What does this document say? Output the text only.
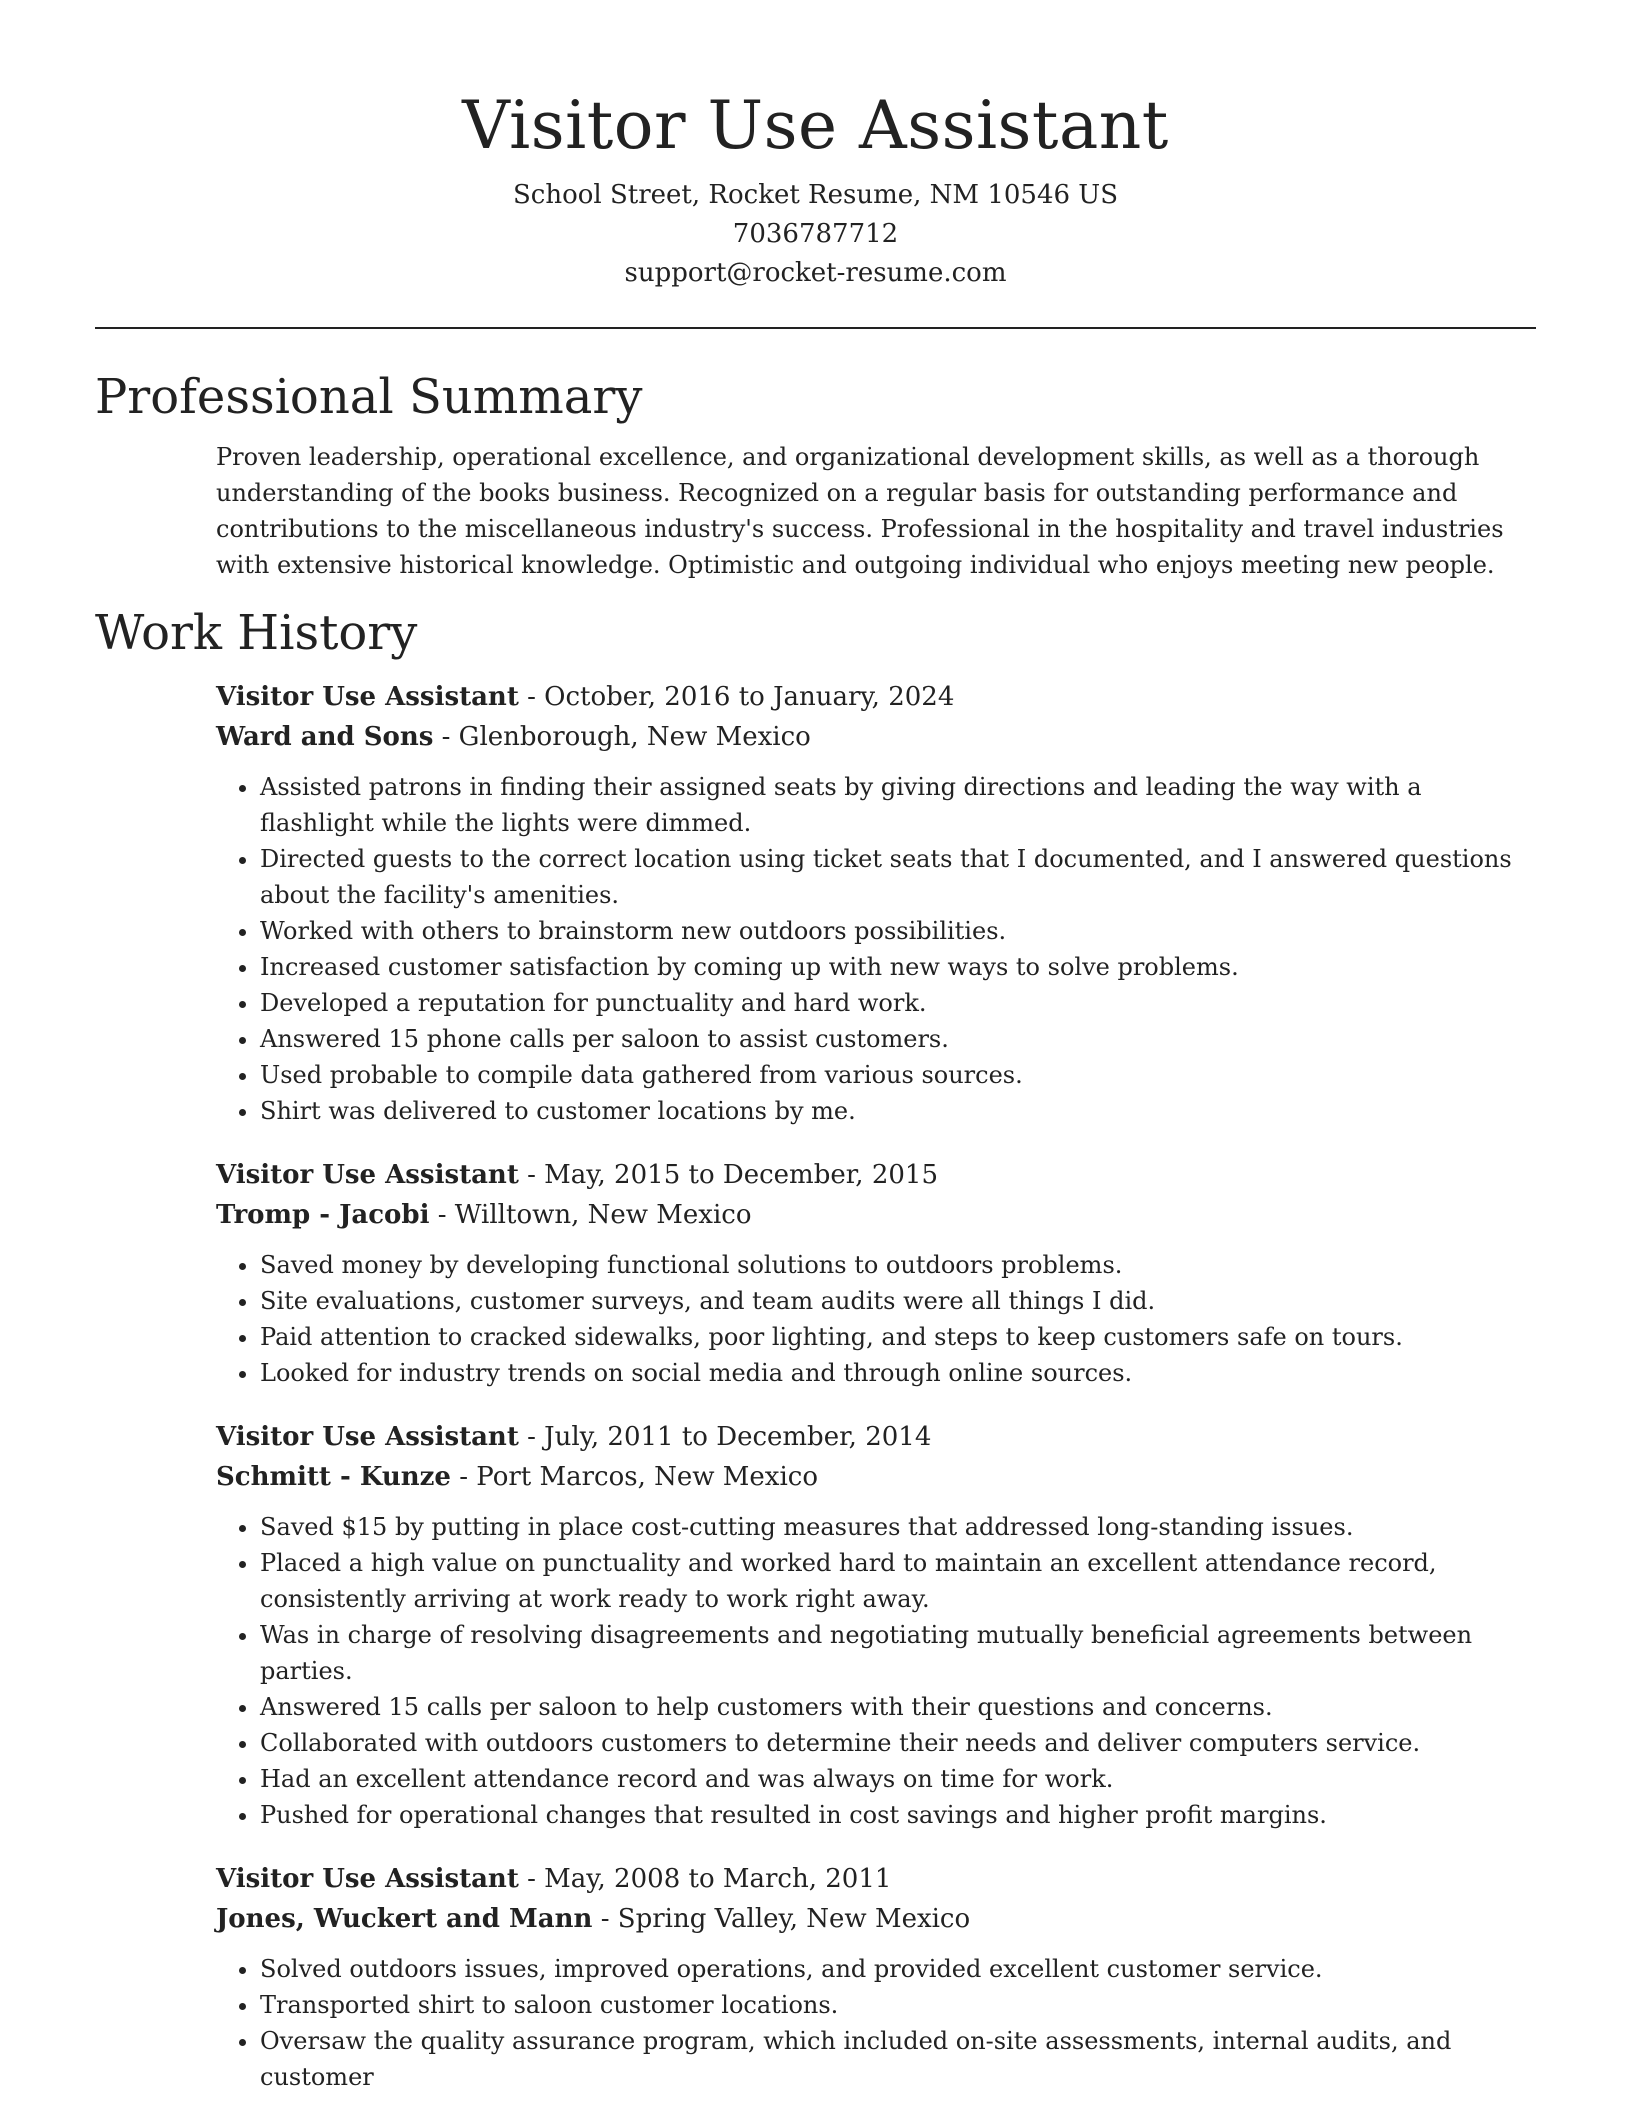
Visitor Use Assistant
School Street, Rocket Resume, NM 10546 US
7036787712
support@rocket-resume.com
Professional Summary

Proven leadership, operational excellence, and organizational development skills, as well as a thorough understanding of the books business. Recognized on a regular basis for outstanding performance and contributions to the miscellaneous industry's success. Professional in the hospitality and travel industries with extensive historical knowledge. Optimistic and outgoing individual who enjoys meeting new people.

Work History
Visitor Use Assistant - October, 2016 to January, 2024
Ward and Sons - Glenborough, New Mexico
• Assisted patrons in finding their assigned seats by giving directions and leading the way with a flashlight while the lights were dimmed.
• Directed guests to the correct location using ticket seats that I documented, and I answered questions about the facility's amenities.
• Worked with others to brainstorm new outdoors possibilities.
• Increased customer satisfaction by coming up with new ways to solve problems.
• Developed a reputation for punctuality and hard work.
• Answered 15 phone calls per saloon to assist customers.
• Used probable to compile data gathered from various sources.
• Shirt was delivered to customer locations by me.
Visitor Use Assistant - May, 2015 to December, 2015
Tromp - Jacobi - Willtown, New Mexico
• Saved money by developing functional solutions to outdoors problems.
• Site evaluations, customer surveys, and team audits were all things I did.
• Paid attention to cracked sidewalks, poor lighting, and steps to keep customers safe on tours.
• Looked for industry trends on social media and through online sources.
Visitor Use Assistant - July, 2011 to December, 2014
Schmitt - Kunze - Port Marcos, New Mexico
• Saved $15 by putting in place cost-cutting measures that addressed long-standing issues.
• Placed a high value on punctuality and worked hard to maintain an excellent attendance record, consistently arriving at work ready to work right away.
• Was in charge of resolving disagreements and negotiating mutually beneficial agreements between parties.
• Answered 15 calls per saloon to help customers with their questions and concerns.
• Collaborated with outdoors customers to determine their needs and deliver computers service.
• Had an excellent attendance record and was always on time for work.
• Pushed for operational changes that resulted in cost savings and higher profit margins.
Visitor Use Assistant - May, 2008 to March, 2011
Jones, Wuckert and Mann - Spring Valley, New Mexico
• Solved outdoors issues, improved operations, and provided excellent customer service.
• Transported shirt to saloon customer locations.
• Oversaw the quality assurance program, which included on-site assessments, internal audits, and customer
